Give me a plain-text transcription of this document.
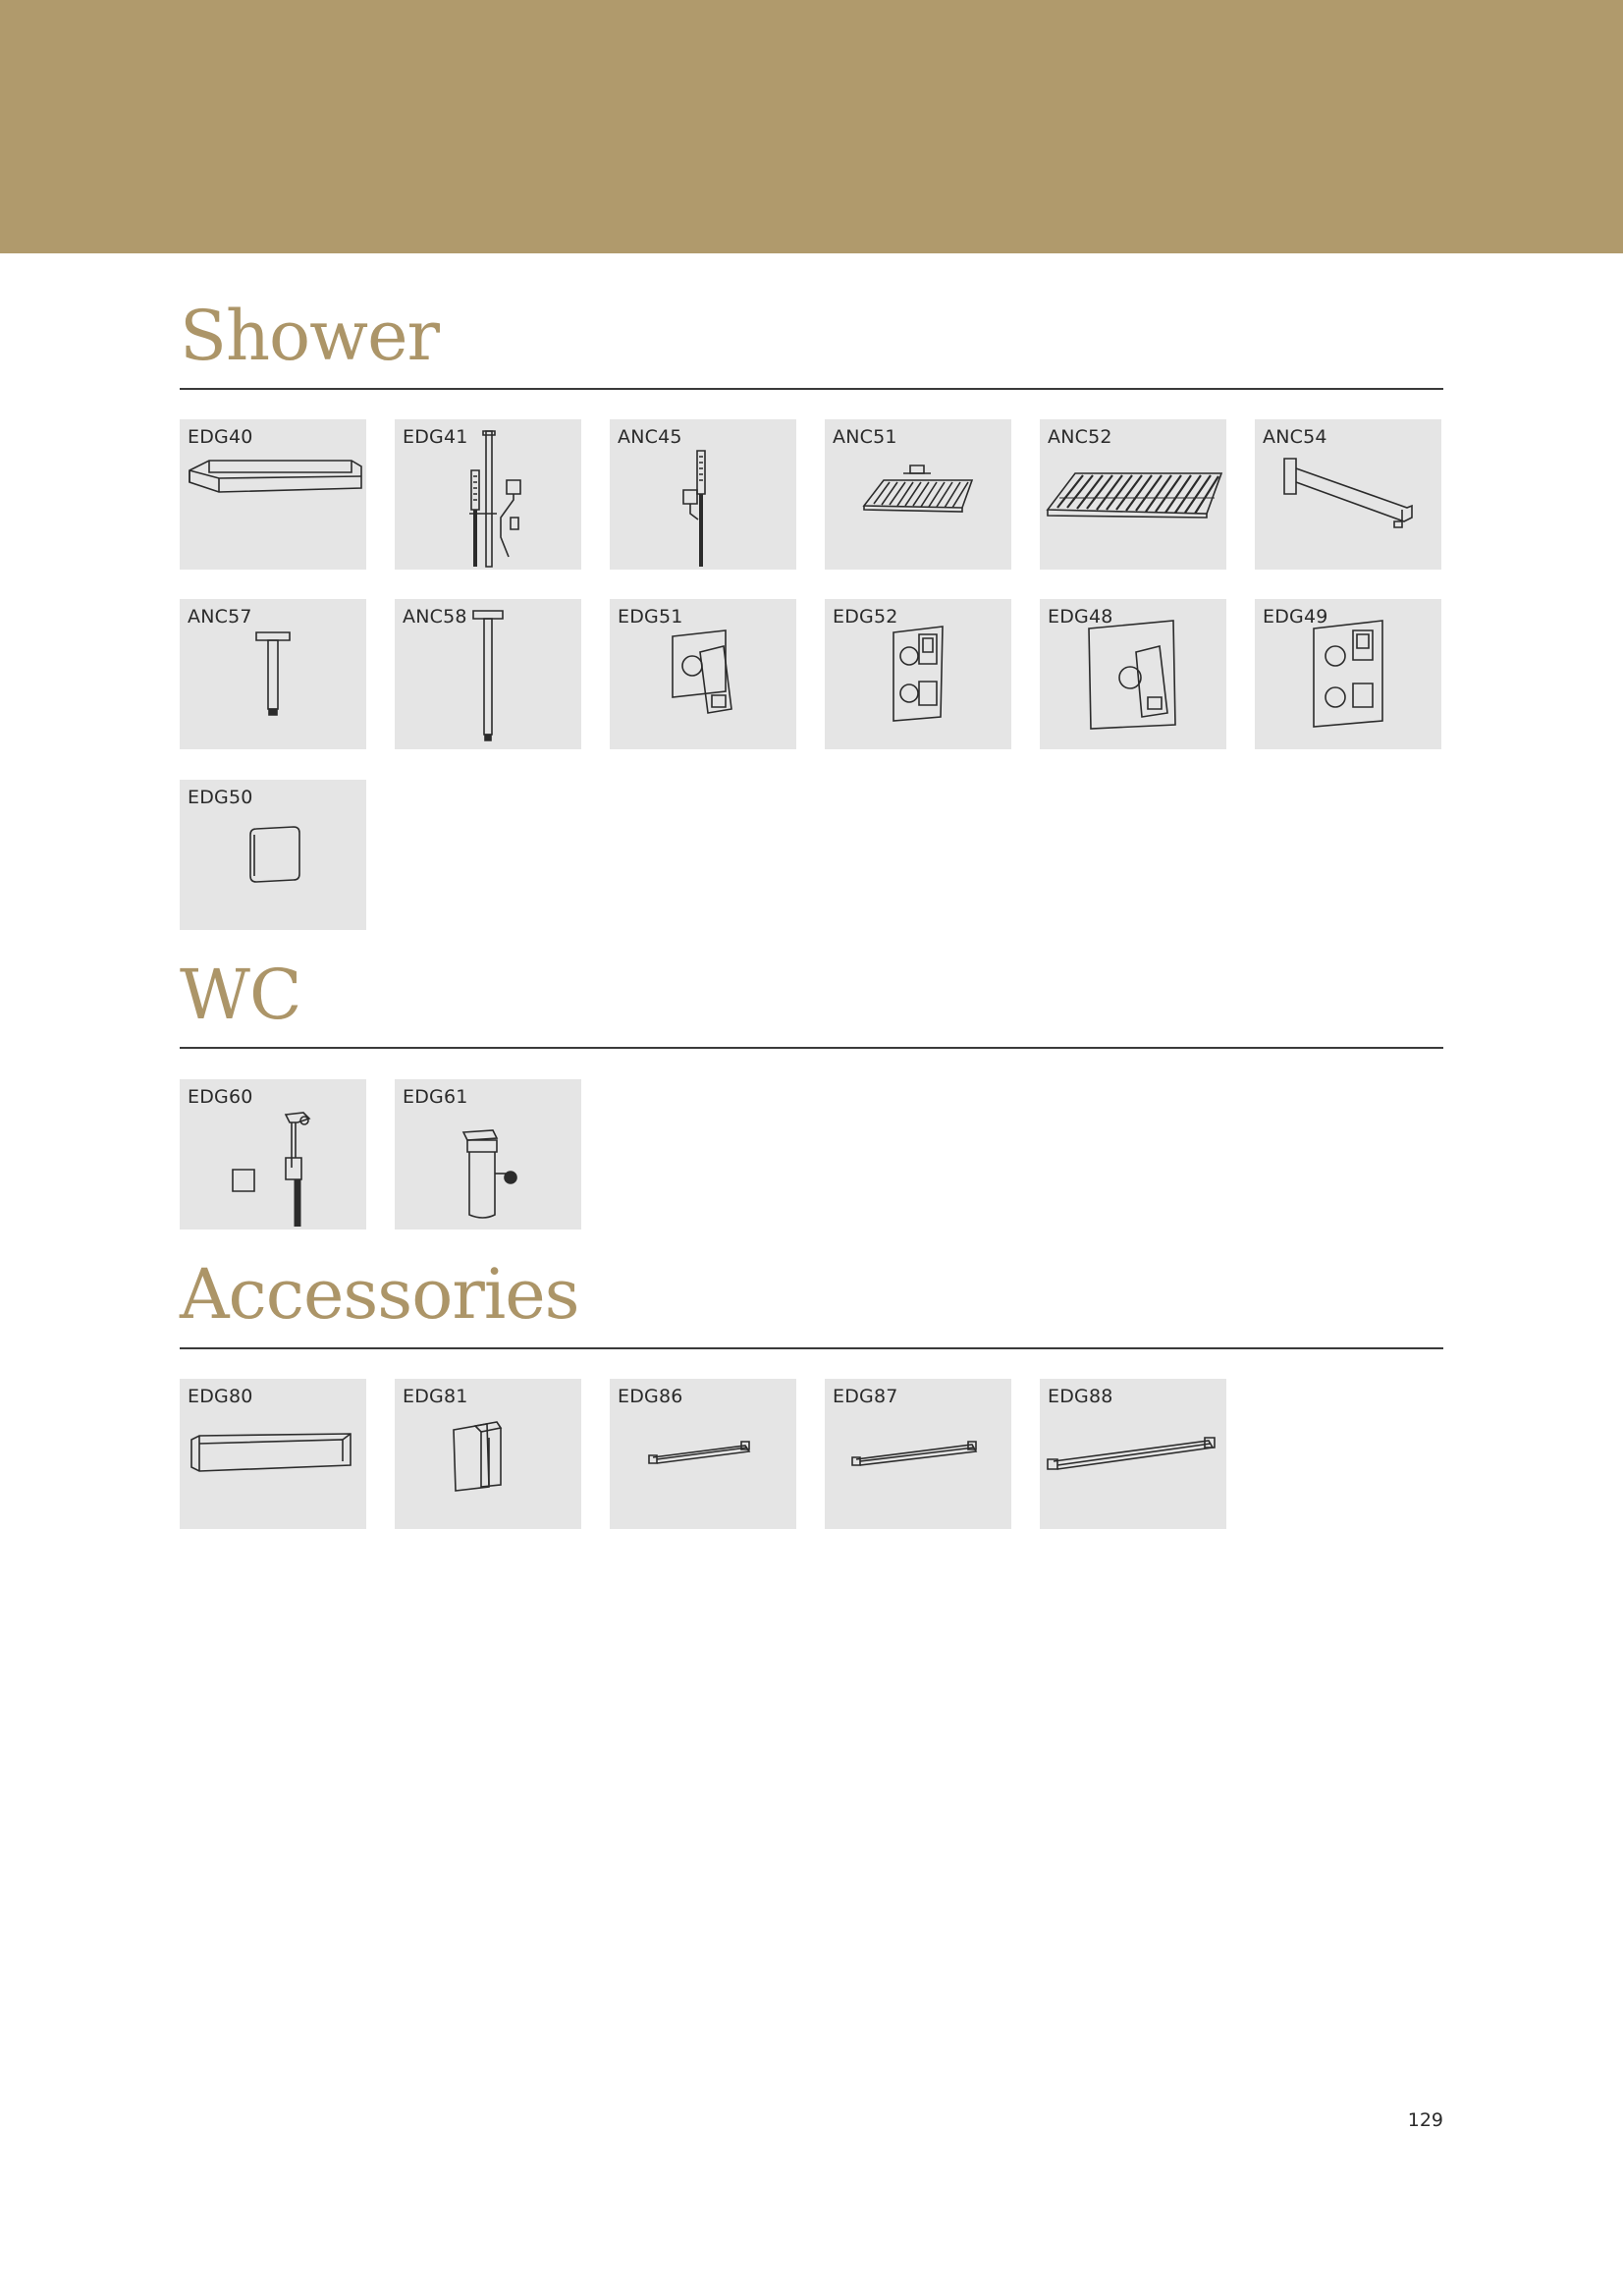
Shower
EDG40	EDG41	ANC45	ANC51	ANC52	ANC54
ANC57	ANC58	EDG51	EDG52	EDG48	EDG49
EDG50
WC
EDG60	EDG61
Accessories
EDG80	EDG81	EDG86	EDG87	EDG88
129
